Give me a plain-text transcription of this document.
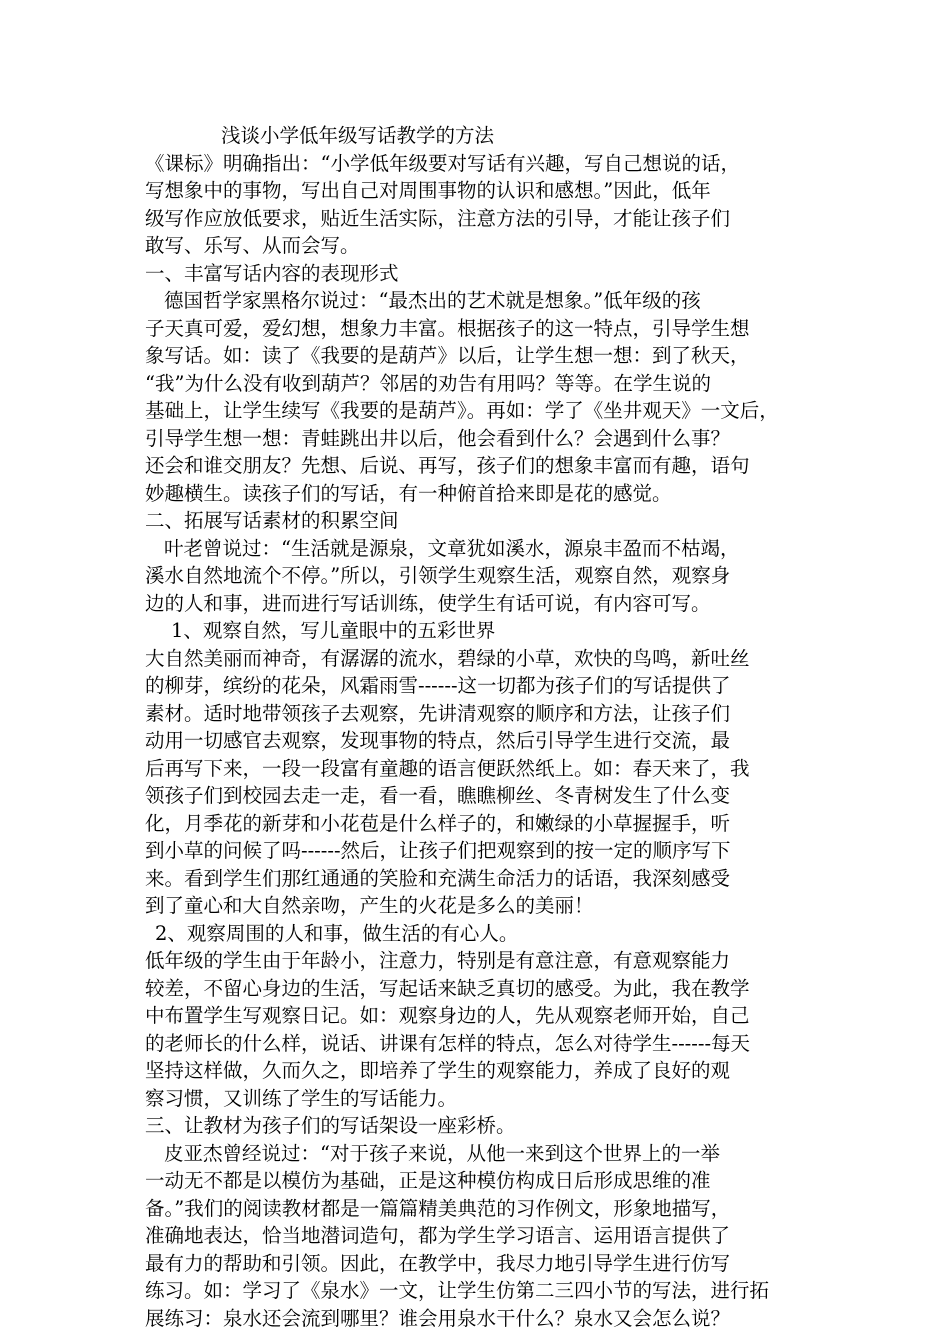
浅谈小学低年级写话教学的方法
《课标》明确指出：“小学低年级要对写话有兴趣，写自己想说的话，
写想象中的事物，写出自己对周围事物的认识和感想。”因此，低年
级写作应放低要求，贴近生活实际，注意方法的引导，才能让孩子们
敢写、乐写、从而会写。
一、丰富写话内容的表现形式
德国哲学家黑格尔说过：“最杰出的艺术就是想象。”低年级的孩
子天真可爱，爱幻想，想象力丰富。根据孩子的这一特点，引导学生想
象写话。如：读了《我要的是葫芦》以后，让学生想一想：到了秋天，
“我”为什么没有收到葫芦？邻居的劝告有用吗？等等。在学生说的
基础上，让学生续写《我要的是葫芦》。再如：学了《坐井观天》一文后，
引导学生想一想：青蛙跳出井以后，他会看到什么？会遇到什么事？
还会和谁交朋友？先想、后说、再写，孩子们的想象丰富而有趣，语句
妙趣横生。读孩子们的写话，有一种俯首拾来即是花的感觉。
二、拓展写话素材的积累空间
叶老曾说过：“生活就是源泉，文章犹如溪水，源泉丰盈而不枯竭，
溪水自然地流个不停。”所以，引领学生观察生活，观察自然，观察身
边的人和事，进而进行写话训练，使学生有话可说，有内容可写。
1、观察自然，写儿童眼中的五彩世界
大自然美丽而神奇，有潺潺的流水，碧绿的小草，欢快的鸟鸣，新吐丝
的柳芽，缤纷的花朵，风霜雨雪------这一切都为孩子们的写话提供了
素材。适时地带领孩子去观察，先讲清观察的顺序和方法，让孩子们
动用一切感官去观察，发现事物的特点，然后引导学生进行交流，最
后再写下来，一段一段富有童趣的语言便跃然纸上。如：春天来了，我
领孩子们到校园去走一走，看一看，瞧瞧柳丝、冬青树发生了什么变
化，月季花的新芽和小花苞是什么样子的，和嫩绿的小草握握手，听
到小草的问候了吗------然后，让孩子们把观察到的按一定的顺序写下
来。看到学生们那红通通的笑脸和充满生命活力的话语，我深刻感受
到了童心和大自然亲吻，产生的火花是多么的美丽！
2、观察周围的人和事，做生活的有心人。
低年级的学生由于年龄小，注意力，特别是有意注意，有意观察能力
较差，不留心身边的生活，写起话来缺乏真切的感受。为此，我在教学
中布置学生写观察日记。如：观察身边的人，先从观察老师开始，自己
的老师长的什么样，说话、讲课有怎样的特点，怎么对待学生------每天
坚持这样做，久而久之，即培养了学生的观察能力，养成了良好的观
察习惯，又训练了学生的写话能力。
三、让教材为孩子们的写话架设一座彩桥。
皮亚杰曾经说过：“对于孩子来说，从他一来到这个世界上的一举
一动无不都是以模仿为基础，正是这种模仿构成日后形成思维的准
备。”我们的阅读教材都是一篇篇精美典范的习作例文，形象地描写，
准确地表达，恰当地潜词造句，都为学生学习语言、运用语言提供了
最有力的帮助和引领。因此，在教学中，我尽力地引导学生进行仿写
练习。如：学习了《泉水》一文，让学生仿第二三四小节的写法，进行拓
展练习：泉水还会流到哪里？谁会用泉水干什么？泉水又会怎么说？
